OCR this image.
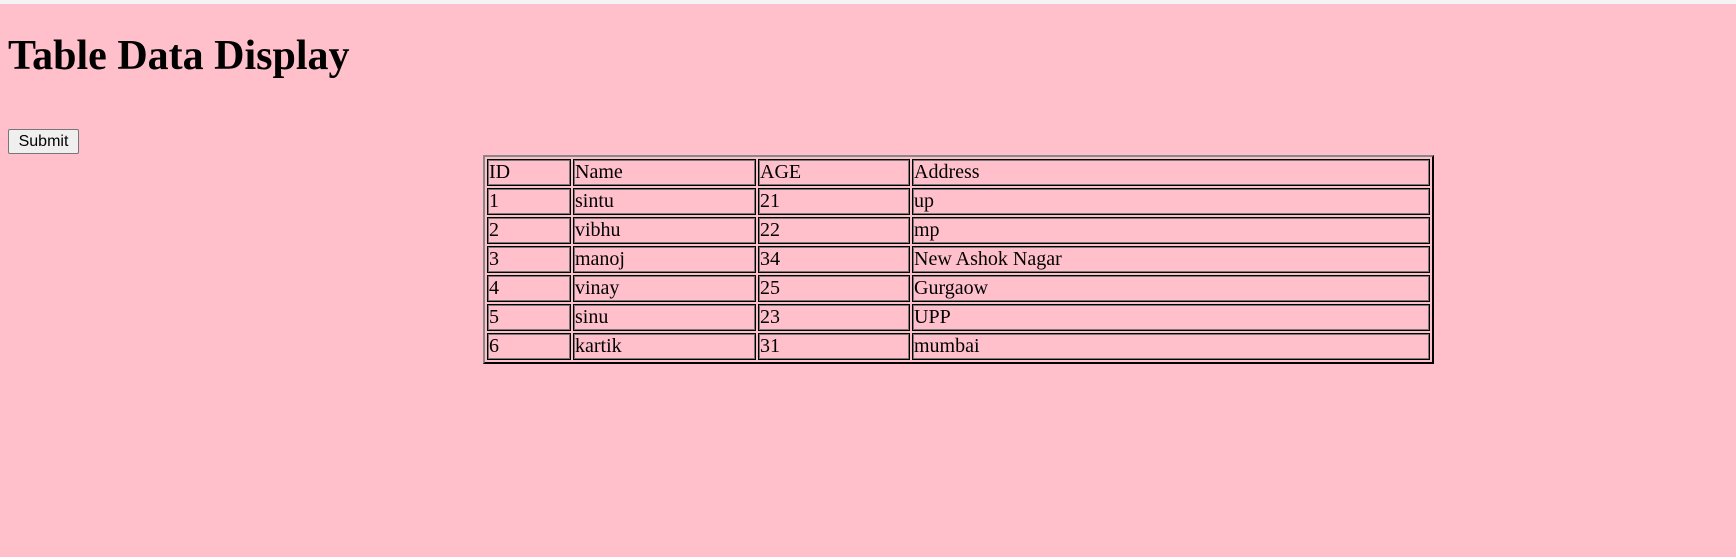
Table Data Display
Submit
ID	Name	AGE	Address
1	sintu	21	up
2	vibhu	22	mp
3	manoj	34	New Ashok Nagar
4	vinay	25	Gurgaow
5	sinu	23	UPP
6	kartik	31	mumbai
